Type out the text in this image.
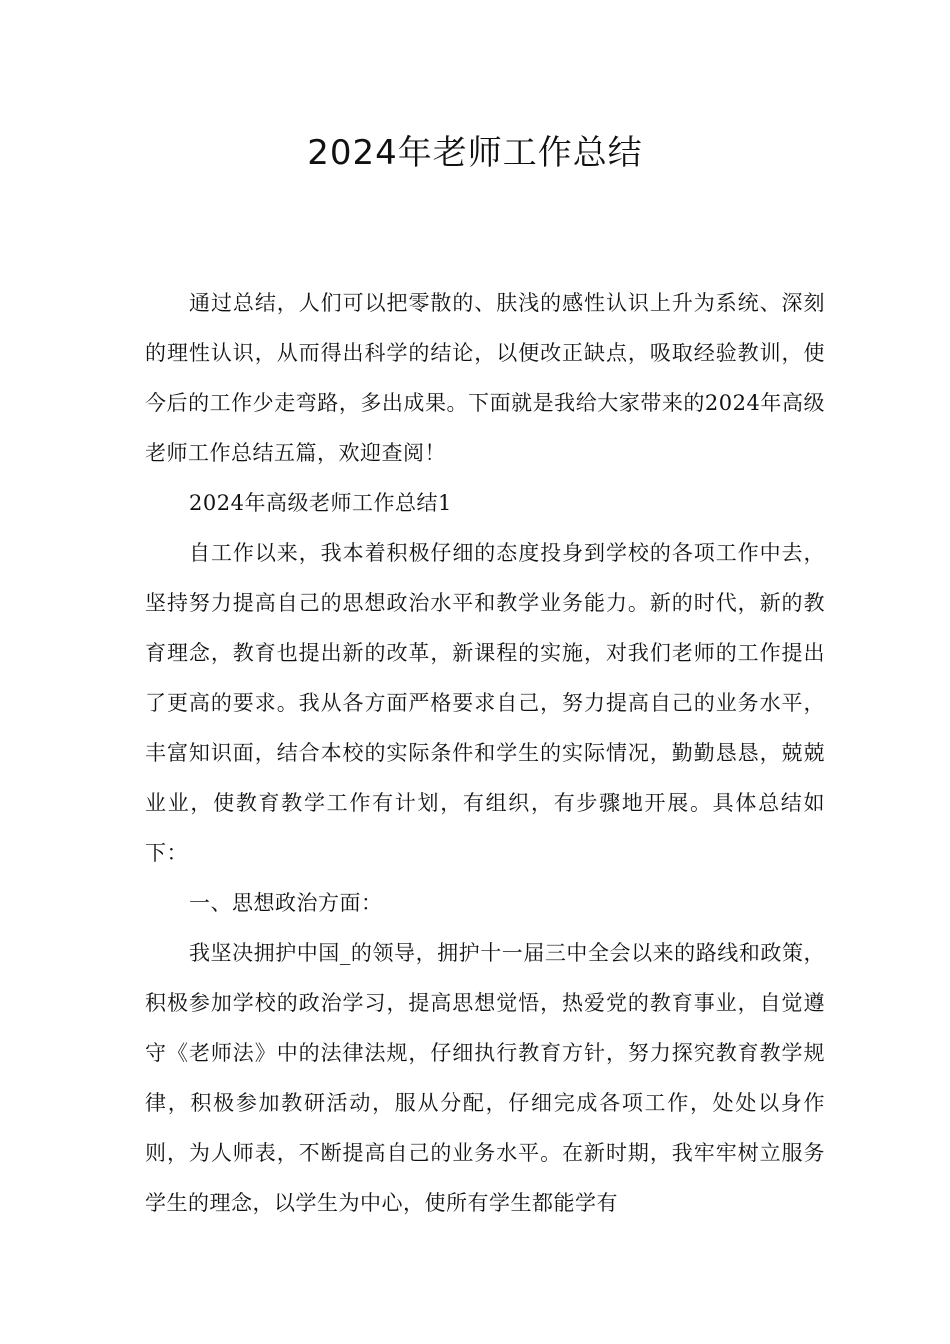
2024年老师工作总结

通过总结，人们可以把零散的、肤浅的感性认识上升为系统、深刻的理性认识，从而得出科学的结论，以便改正缺点，吸取经验教训，使今后的工作少走弯路，多出成果。下面就是我给大家带来的2024年高级老师工作总结五篇，欢迎查阅！

2024年高级老师工作总结1

自工作以来，我本着积极仔细的态度投身到学校的各项工作中去，坚持努力提高自己的思想政治水平和教学业务能力。新的时代，新的教育理念，教育也提出新的改革，新课程的实施，对我们老师的工作提出了更高的要求。我从各方面严格要求自己，努力提高自己的业务水平，丰富知识面，结合本校的实际条件和学生的实际情况，勤勤恳恳，兢兢业业，使教育教学工作有计划，有组织，有步骤地开展。具体总结如下：

一、思想政治方面：

我坚决拥护中国_的领导，拥护十一届三中全会以来的路线和政策，积极参加学校的政治学习，提高思想觉悟，热爱党的教育事业，自觉遵守《老师法》中的法律法规，仔细执行教育方针，努力探究教育教学规律，积极参加教研活动，服从分配，仔细完成各项工作，处处以身作则，为人师表，不断提高自己的业务水平。在新时期，我牢牢树立服务学生的理念，以学生为中心，使所有学生都能学有
